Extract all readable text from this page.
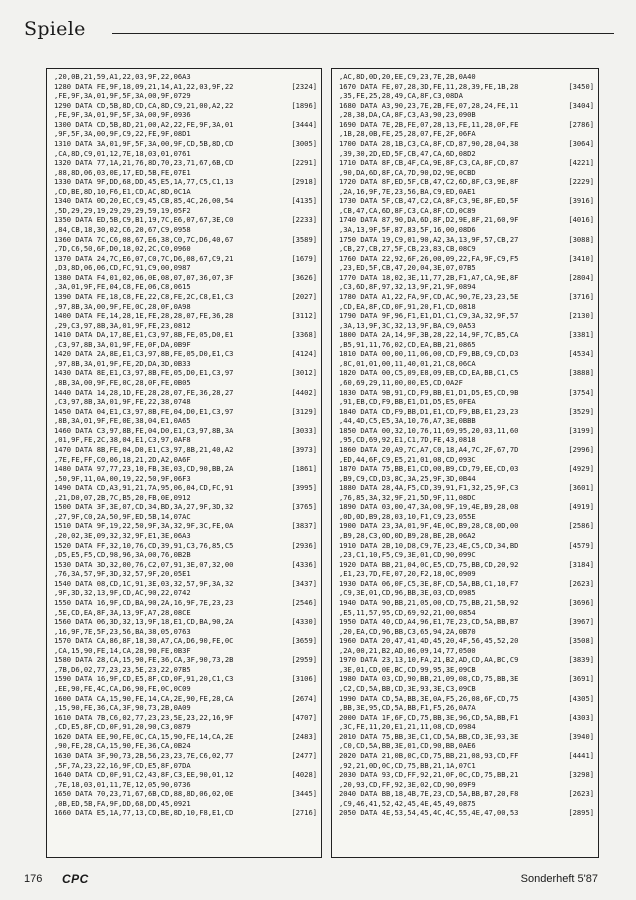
Spiele
,20,0B,21,59,A1,22,03,9F,22,06A3
1280 DATA FE,9F,18,09,21,14,A1,22,03,9F,22	[2324]
,FE,9F,3A,01,9F,5F,3A,00,9F,0729
1290 DATA CD,5B,8D,CD,CA,8D,C9,21,00,A2,22	[1896]
,FE,9F,3A,01,9F,5F,3A,00,9F,0936
1300 DATA CD,5B,8D,21,00,A2,22,FE,9F,3A,01	[3444]
,9F,5F,3A,00,9F,C9,22,FE,9F,08D1
1310 DATA 3A,01,9F,5F,3A,00,9F,CD,5B,8D,CD	[3005]
,CA,8D,C9,01,12,7E,18,03,01,0761
1320 DATA 77,1A,21,76,8D,70,23,71,67,6B,CD	[2291]
,88,8D,06,03,0E,17,ED,5B,FE,07E1
1330 DATA 9F,DD,68,DD,45,E5,1A,77,C5,C1,13	[2918]
,CD,BE,8D,10,F6,E1,CD,AC,8D,0C1A
1340 DATA 0D,20,EC,C9,45,CB,85,4C,26,00,54	[4135]
,5D,29,29,19,29,29,29,59,19,05F2
1350 DATA ED,5B,C9,B1,19,7C,E6,07,67,3E,C0	[2233]
,84,CB,18,30,02,C6,20,67,C9,0958
1360 DATA 7C,C6,08,67,E6,38,C0,7C,D6,40,67	[3589]
,7D,C6,50,6F,D0,18,02,2C,C0,0960
1370 DATA 24,7C,E6,07,C0,7C,D6,08,67,C9,21	[1679]
,D3,8D,06,06,CD,FC,91,C9,00,0987
1380 DATA F4,01,02,06,0E,08,07,07,36,07,3F	[3626]
,3A,01,9F,FE,04,C8,FE,06,C8,0615
1390 DATA FE,18,C8,FE,22,C8,FE,2C,C8,E1,C3	[2027]
,97,8B,3A,00,9F,FE,0C,28,0F,0A98
1400 DATA FE,14,28,1E,FE,28,28,07,FE,36,28	[3112]
,29,C3,97,8B,3A,01,9F,FE,23,0812
1410 DATA DA,17,8E,E1,C3,97,8B,FE,05,D0,E1	[3368]
,C3,97,8B,3A,01,9F,FE,0F,DA,0B9F
1420 DATA 2A,8E,E1,C3,97,8B,FE,05,D0,E1,C3	[4124]
,97,8B,3A,01,9F,FE,2D,DA,3D,0B33
1430 DATA 8E,E1,C3,97,8B,FE,05,D0,E1,C3,97	[3012]
,8B,3A,00,9F,FE,0C,28,0F,FE,0B05
1440 DATA 14,28,1D,FE,28,28,07,FE,36,28,27	[4402]
,C3,97,8B,3A,01,9F,FE,22,38,0748
1450 DATA 04,E1,C3,97,8B,FE,04,D0,E1,C3,97	[3129]
,8B,3A,01,9F,FE,0E,38,04,E1,0A65
1460 DATA C3,97,8B,FE,04,D0,E1,C3,97,8B,3A	[3033]
,01,9F,FE,2C,38,04,E1,C3,97,0AF8
1470 DATA 8B,FE,04,D0,E1,C3,97,8B,21,40,A2	[3973]
,7E,FE,FF,C0,06,18,21,2D,A2,0A6F
1480 DATA 97,77,23,10,FB,3E,03,CD,90,BB,2A	[1861]
,50,9F,11,0A,00,19,22,50,9F,06F3
1490 DATA CD,A3,91,21,7A,95,06,04,CD,FC,91	[3995]
,21,D0,07,2B,7C,B5,20,FB,0E,0912
1500 DATA 3F,3E,07,CD,34,BD,3A,27,9F,3D,32	[3765]
,27,9F,C0,2A,50,9F,ED,5B,14,07AC
1510 DATA 9F,19,22,50,9F,3A,32,9F,3C,FE,0A	[3837]
,20,02,3E,09,32,32,9F,E1,3E,06A3
1520 DATA FF,32,10,76,CD,39,91,C3,76,85,C5	[2936]
,D5,E5,F5,CD,98,96,3A,00,76,0B2B
1530 DATA 3D,32,00,76,C2,07,91,3E,07,32,00	[4336]
,76,3A,57,9F,3D,32,57,9F,20,05E1
1540 DATA 08,CD,1C,91,3E,03,32,57,9F,3A,32	[3437]
,9F,3D,32,13,9F,CD,AC,90,22,0742
1550 DATA 16,9F,CD,BA,90,2A,16,9F,7E,23,23	[2546]
,5E,CD,EA,8F,3A,13,9F,A7,28,08CE
1560 DATA 06,3D,32,13,9F,18,E1,CD,BA,90,2A	[4330]
,16,9F,7E,5F,23,56,BA,38,05,0763
1570 DATA CA,86,8F,18,30,A7,CA,D6,90,FE,0C	[3659]
,CA,15,90,FE,14,CA,28,90,FE,0B3F
1580 DATA 28,CA,15,90,FE,36,CA,3F,90,73,2B	[2959]
,7B,D6,02,77,23,23,5E,23,22,07B5
1590 DATA 16,9F,CD,E5,8F,CD,0F,91,20,C1,C3	[3106]
,EE,90,FE,4C,CA,D6,90,FE,0C,0C09
1600 DATA CA,15,90,FE,14,CA,2E,90,FE,28,CA	[2674]
,15,90,FE,36,CA,3F,90,73,2B,0A09
1610 DATA 7B,C6,02,77,23,23,5E,23,22,16,9F	[4707]
,CD,E5,8F,CD,0F,91,20,90,C3,0879
1620 DATA EE,90,FE,0C,CA,15,90,FE,14,CA,2E	[2483]
,90,FE,28,CA,15,90,FE,36,CA,0B24
1630 DATA 3F,90,73,2B,56,23,23,7E,C6,02,77	[2477]
,5F,7A,23,22,16,9F,CD,E5,8F,07DA
1640 DATA CD,0F,91,C2,43,8F,C3,EE,90,01,12	[4028]
,7E,18,03,01,11,7E,12,05,90,0736
1650 DATA 70,23,71,67,6B,CD,88,8D,06,02,0E	[3445]
,0B,ED,5B,FA,9F,DD,68,DD,45,0921
1660 DATA E5,1A,77,13,CD,BE,8D,10,F8,E1,CD	[2716]
,AC,8D,0D,20,EE,C9,23,7E,2B,0A40
1670 DATA FE,07,28,3D,FE,11,28,39,FE,1B,28	[3450]
,35,FE,25,28,49,CA,8F,C3,08DA
1680 DATA A3,90,23,7E,2B,FE,07,28,24,FE,11	[3404]
,28,38,DA,CA,8F,C3,A3,90,23,090B
1690 DATA 7E,2B,FE,07,28,13,FE,11,28,0F,FE	[2786]
,1B,28,0B,FE,25,28,07,FE,2F,06FA
1700 DATA 28,1B,C3,CA,8F,CD,87,90,28,04,38	[3064]
,39,30,2D,ED,5F,CB,47,CA,6D,08D2
1710 DATA 8F,CB,4F,CA,9E,8F,C3,CA,8F,CD,87	[4221]
,90,DA,6D,8F,CA,7D,90,D2,9E,0CBD
1720 DATA 8F,ED,5F,CB,47,C2,6D,8F,C3,9E,8F	[2229]
,2A,16,9F,7E,23,56,BA,C9,ED,0AE1
1730 DATA 5F,CB,47,C2,CA,8F,C3,9E,8F,ED,5F	[3916]
,CB,47,CA,6D,8F,C3,CA,8F,CD,0C89
1740 DATA 87,90,DA,6D,8F,D2,9E,8F,21,60,9F	[4016]
,3A,13,9F,5F,87,83,5F,16,00,08D6
1750 DATA 19,C9,01,90,A2,3A,13,9F,57,CB,27	[3088]
,CB,27,CB,27,5F,CB,23,83,CB,08C9
1760 DATA 22,92,6F,26,00,09,22,FA,9F,C9,F5	[3410]
,23,ED,5F,CB,47,20,04,3E,07,07B5
1770 DATA 18,02,3E,11,77,2B,F1,A7,CA,9E,8F	[2804]
,C3,6D,8F,97,32,13,9F,21,9F,0894
1780 DATA A1,22,FA,9F,CD,AC,90,7E,23,23,5E	[3716]
,CD,EA,8F,CD,0F,91,20,F1,CD,0818
1790 DATA 9F,96,F1,E1,D1,C1,C9,3A,32,9F,57	[2130]
,3A,13,9F,3C,32,13,9F,BA,C9,0A53
1800 DATA 2A,14,9F,3B,28,22,14,9F,7C,B5,CA	[3381]
,B5,91,11,76,02,CD,EA,BB,21,0865
1810 DATA 00,00,11,06,00,CD,F9,BB,C9,CD,D3	[4534]
,8C,01,01,00,11,40,01,21,C8,06CA
1820 DATA 00,C5,09,E8,09,EB,CD,EA,BB,C1,C5	[3888]
,60,69,29,11,00,00,E5,CD,0A2F
1830 DATA 9B,91,CD,F9,BB,E1,D1,D5,E5,CD,9B	[3754]
,91,EB,CD,F9,BB,E1,D1,D5,E5,0FEA
1840 DATA CD,F9,BB,D1,E1,CD,F9,BB,E1,23,23	[3529]
,44,4D,C5,E5,3A,10,76,A7,3E,0BBB
1850 DATA 00,32,10,76,11,69,95,20,03,11,60	[3199]
,95,CD,69,92,E1,C1,7D,FE,43,0818
1860 DATA 20,A9,7C,A7,C0,18,A4,7C,2F,67,7D	[2996]
,ED,44,6F,C9,E5,21,01,08,CD,093C
1870 DATA 75,BB,E1,CD,00,B9,CD,79,EE,CD,03	[4929]
,B9,C9,CD,D3,8C,3A,25,9F,3D,0B44
1880 DATA 28,4A,F5,CD,39,91,F1,32,25,9F,C3	[3601]
,76,85,3A,32,9F,21,5D,9F,11,08DC
1890 DATA 03,00,47,3A,00,9F,19,4E,B9,28,08	[4919]
,0D,0D,B9,28,03,10,F1,C9,23,055E
1900 DATA 23,3A,01,9F,4E,0C,B9,28,C8,0D,00	[2586]
,B9,28,C3,0D,0D,B9,28,BE,2B,06A2
1910 DATA 2B,10,D8,C9,7E,23,4E,C5,CD,34,BD	[4579]
,23,C1,10,F5,C9,3E,01,CD,90,099C
1920 DATA BB,21,04,0C,E5,CD,75,BB,CD,20,92	[3184]
,E1,23,7D,FE,07,20,F2,18,0C,0909
1930 DATA 06,0F,C5,3E,8F,CD,5A,BB,C1,10,F7	[2623]
,C9,3E,01,CD,96,BB,3E,03,CD,0985
1940 DATA 90,BB,21,05,00,CD,75,BB,21,5B,92	[3696]
,E5,11,57,95,CD,69,92,21,00,0854
1950 DATA 40,CD,A4,96,E1,7E,23,CD,5A,BB,B7	[3967]
,20,EA,CD,96,BB,C3,65,94,2A,0B70
1960 DATA 20,47,41,4D,45,20,4F,56,45,52,20	[3508]
,2A,00,21,B2,AD,06,09,14,77,0500
1970 DATA 23,13,10,FA,21,B2,AD,CD,AA,BC,C9	[3839]
,3E,01,CD,0E,BC,CD,99,95,3E,09CB
1980 DATA 03,CD,90,BB,21,09,08,CD,75,BB,3E	[3691]
,C2,CD,5A,BB,CD,3E,93,3E,C3,09CB
1990 DATA CD,5A,BB,3E,0A,F5,26,08,6F,CD,75	[4305]
,BB,3E,95,CD,5A,BB,F1,F5,26,0A7A
2000 DATA 1F,6F,CD,75,BB,3E,96,CD,5A,BB,F1	[4303]
,3C,FE,11,20,E1,21,11,08,CD,0984
2010 DATA 75,BB,3E,C1,CD,5A,BB,CD,3E,93,3E	[3940]
,C0,CD,5A,BB,3E,01,CD,90,BB,0AE6
2020 DATA 21,0B,0C,CD,75,BB,21,08,93,CD,FF	[4441]
,92,21,0D,0C,CD,75,BB,21,1A,07C1
2030 DATA 93,CD,FF,92,21,0F,0C,CD,75,BB,21	[3298]
,20,93,CD,FF,92,3E,02,CD,90,09F9
2040 DATA BB,18,4B,7E,23,CD,5A,BB,B7,20,F8	[2623]
,C9,46,41,52,42,45,4E,45,49,0875
2050 DATA 4E,53,54,45,4C,4C,55,4E,47,00,53	[2895]
176 CPC	Sonderheft 5'87
